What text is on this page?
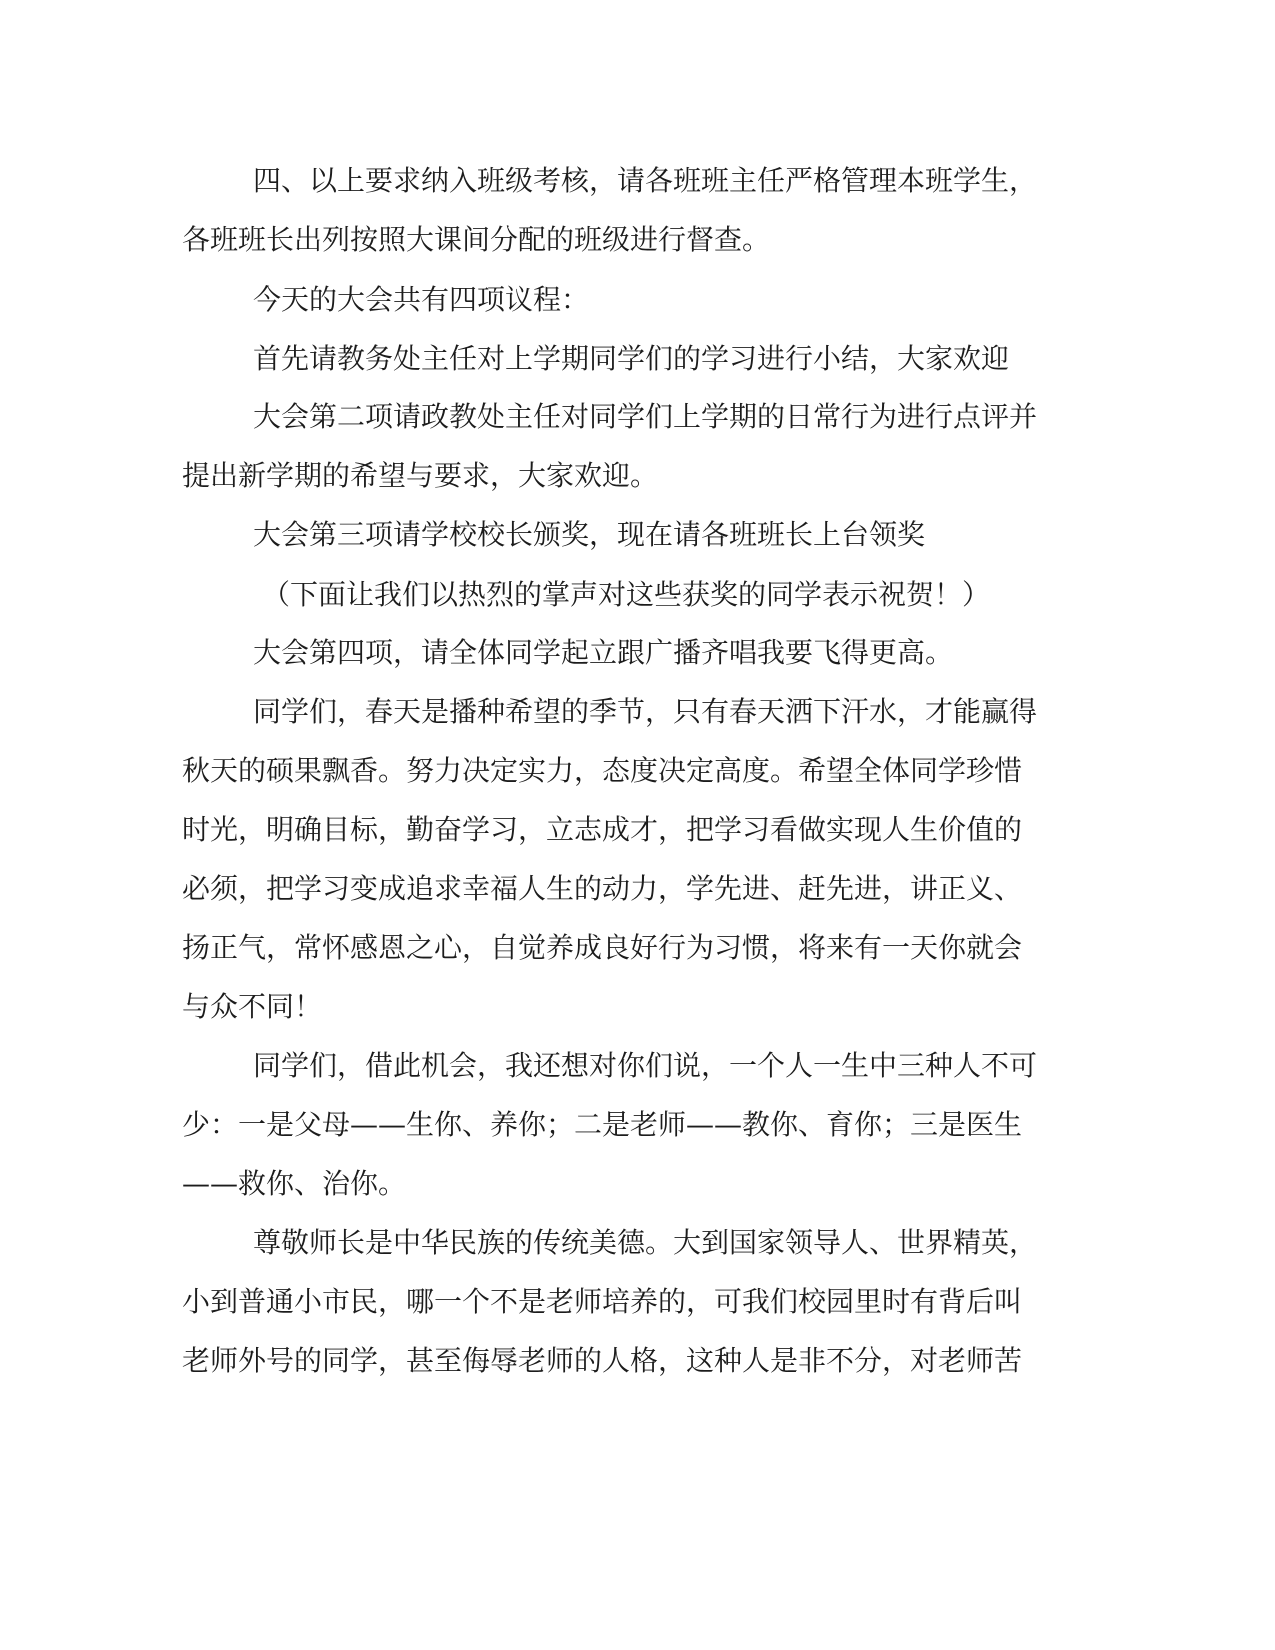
四、以上要求纳入班级考核，请各班班主任严格管理本班学生，

各班班长出列按照大课间分配的班级进行督查。

今天的大会共有四项议程：

首先请教务处主任对上学期同学们的学习进行小结，大家欢迎

大会第二项请政教处主任对同学们上学期的日常行为进行点评并

提出新学期的希望与要求，大家欢迎。

大会第三项请学校校长颁奖，现在请各班班长上台领奖

（下面让我们以热烈的掌声对这些获奖的同学表示祝贺！）

大会第四项，请全体同学起立跟广播齐唱我要飞得更高。

同学们，春天是播种希望的季节，只有春天洒下汗水，才能赢得

秋天的硕果飘香。努力决定实力，态度决定高度。希望全体同学珍惜

时光，明确目标，勤奋学习，立志成才，把学习看做实现人生价值的

必须，把学习变成追求幸福人生的动力，学先进、赶先进，讲正义、

扬正气，常怀感恩之心，自觉养成良好行为习惯，将来有一天你就会

与众不同！

同学们，借此机会，我还想对你们说，一个人一生中三种人不可

少：一是父母——生你、养你；二是老师——教你、育你；三是医生

——救你、治你。

尊敬师长是中华民族的传统美德。大到国家领导人、世界精英，

小到普通小市民，哪一个不是老师培养的，可我们校园里时有背后叫

老师外号的同学，甚至侮辱老师的人格，这种人是非不分，对老师苦
